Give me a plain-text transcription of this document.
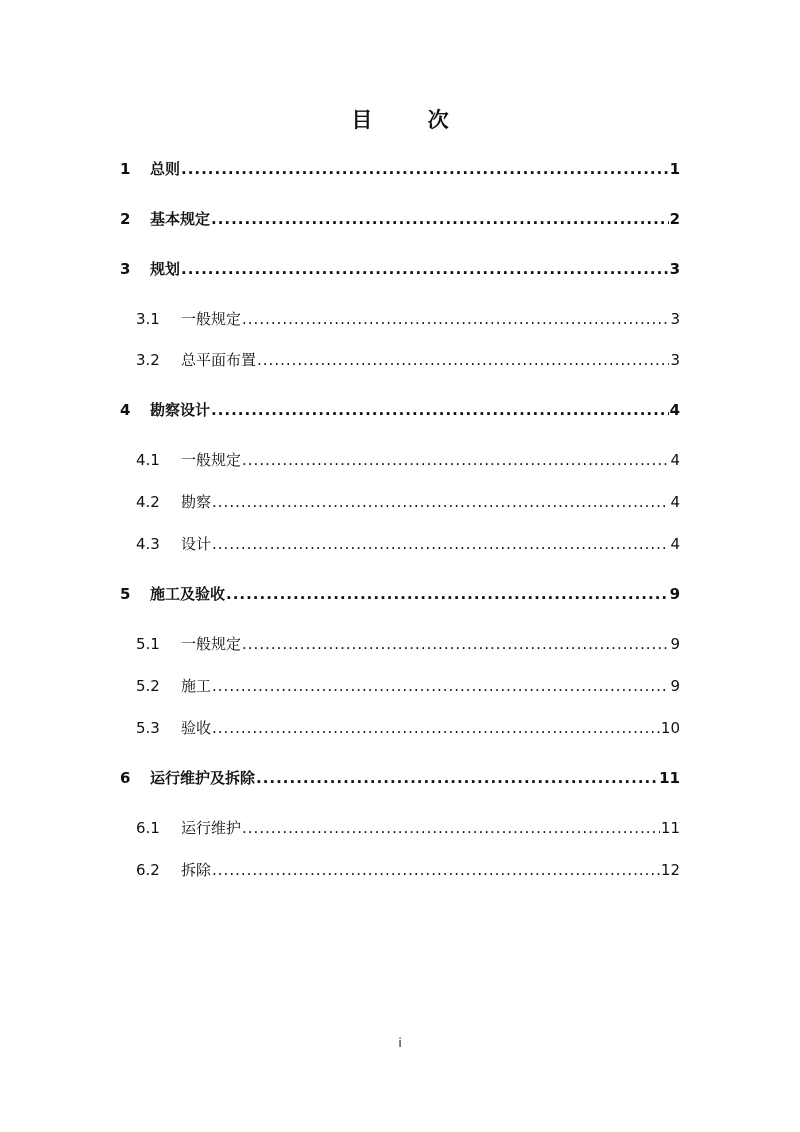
目 次
1	总则 .....	1
2	基本规定 .....	2
3	规划 .....	3
3.1	一般规定 .....	3
3.2	总平面布置 .....	3
4	勘察设计 .....	4
4.1	一般规定 .....	4
4.2	勘察 .....	4
4.3	设计 .....	4
5	施工及验收 .....	9
5.1	一般规定 .....	9
5.2	施工 .....	9
5.3	验收 .....	10
6	运行维护及拆除 .....	11
6.1	运行维护 .....	11
6.2	拆除 .....	12
i
